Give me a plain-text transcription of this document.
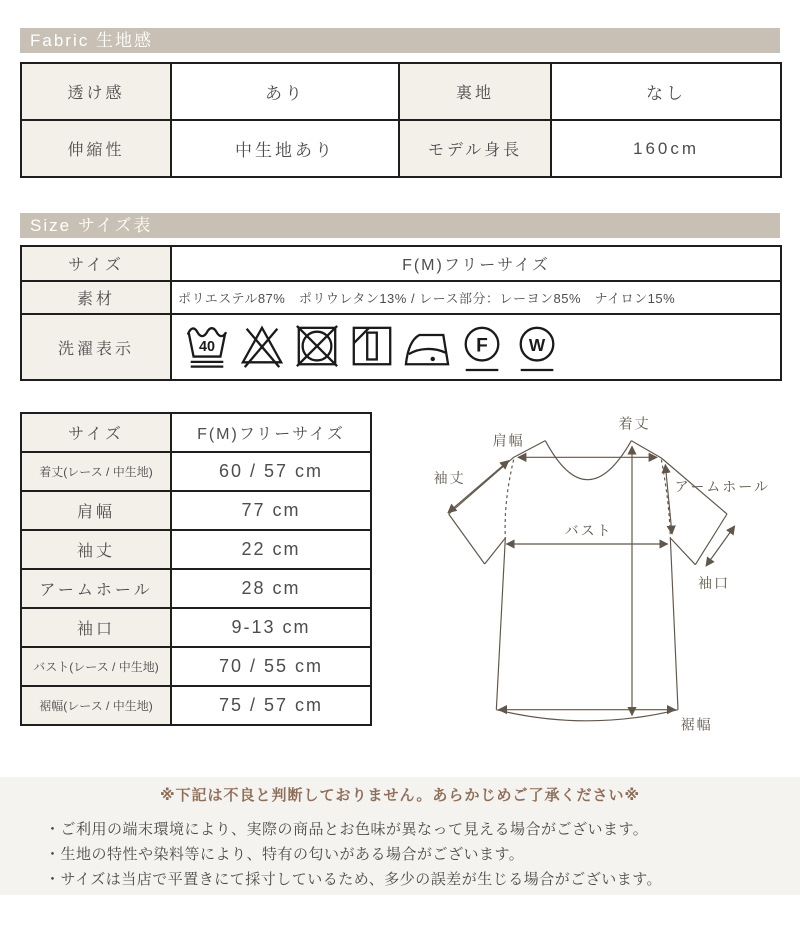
Fabric 生地感
透け感	あり	裏地	なし
伸縮性	中生地あり	モデル身長	160cm
Size サイズ表
サイズ	F(M)フリーサイズ
素材	ポリエステル87%　ポリウレタン13% / レース部分：レーヨン85%　ナイロン15%
洗濯表示	40 F W
サイズ	F(M)フリーサイズ
着丈(レース / 中生地)	60 / 57 cm
肩幅	77 cm
袖丈	22 cm
アームホール	28 cm
袖口	9-13 cm
バスト(レース / 中生地)	70 / 55 cm
裾幅(レース / 中生地)	75 / 57 cm
袖丈
肩幅
着丈
アームホール
バスト
袖口
裾幅

※下記は不良と判断しておりません。あらかじめご了承ください※

・ご利用の端末環境により、実際の商品とお色味が異なって見える場合がございます。
・生地の特性や染料等により、特有の匂いがある場合がございます。
・サイズは当店で平置きにて採寸しているため、多少の誤差が生じる場合がございます。
